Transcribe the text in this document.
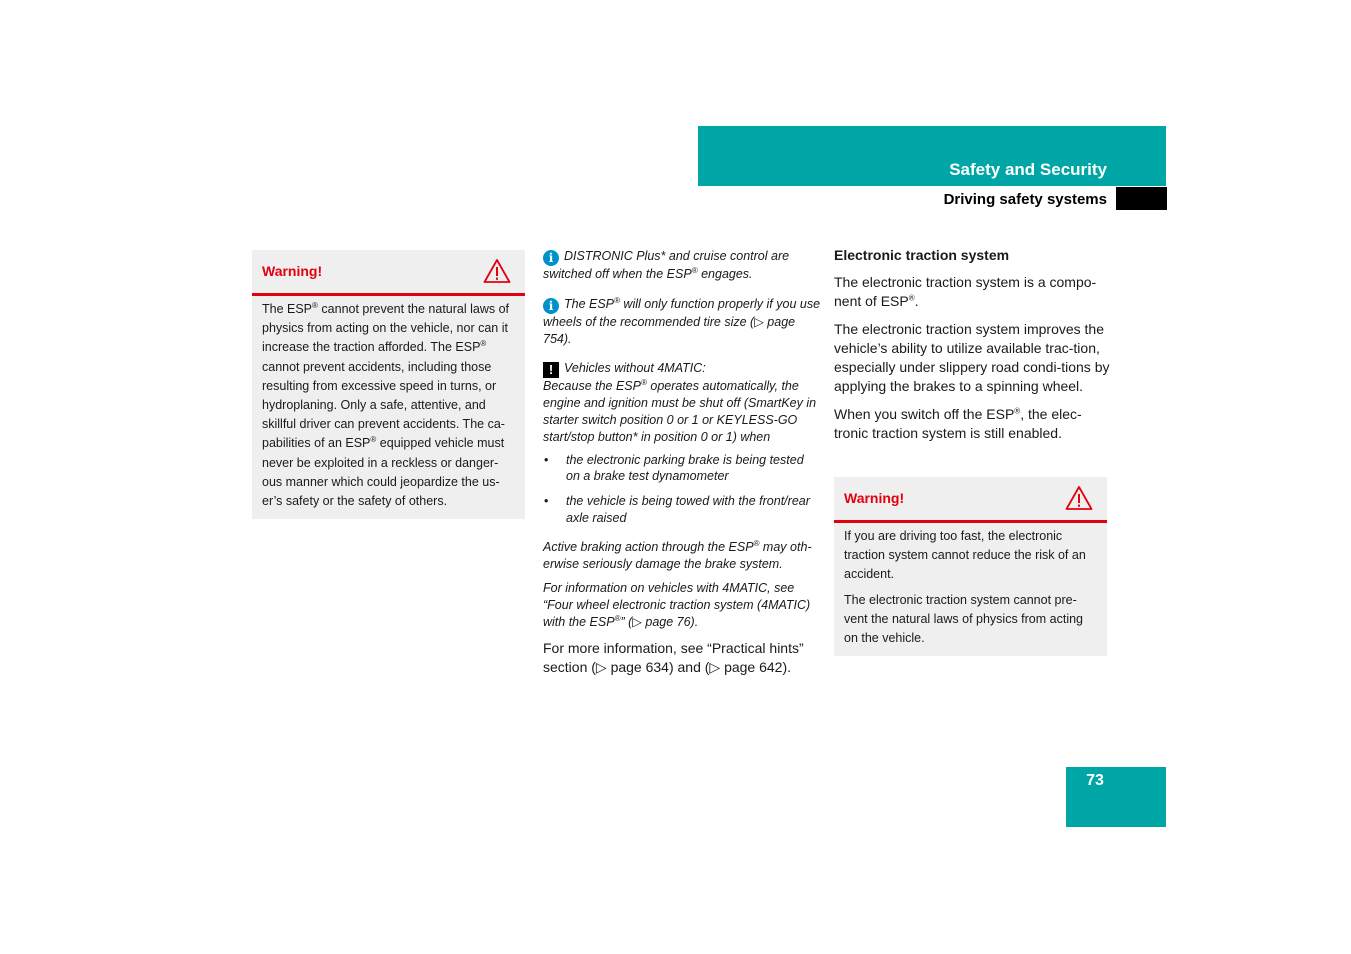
Safety and Security
Driving safety systems
Warning!

The ESP® cannot prevent the natural laws of physics from acting on the vehicle, nor can it increase the traction afforded. The ESP® cannot prevent accidents, including those resulting from excessive speed in turns, or hydroplaning. Only a safe, attentive, and skillful driver can prevent accidents. The ca-pabilities of an ESP® equipped vehicle must never be exploited in a reckless or danger-ous manner which could jeopardize the us-er’s safety or the safety of others.

i DISTRONIC Plus* and cruise control are switched off when the ESP® engages.

i The ESP® will only function properly if you use wheels of the recommended tire size (▷ page 754).

! Vehicles without 4MATIC:
Because the ESP® operates automatically, the engine and ignition must be shut off (SmartKey in starter switch position 0 or 1 or KEYLESS-GO start/stop button* in position 0 or 1) when

• the electronic parking brake is being tested on a brake test dynamometer
• the vehicle is being towed with the front/rear axle raised

Active braking action through the ESP® may oth-erwise seriously damage the brake system.

For information on vehicles with 4MATIC, see “Four wheel electronic traction system (4MATIC) with the ESP®” (▷ page 76).

For more information, see “Practical hints” section (▷ page 634) and (▷ page 642).

Electronic traction system

The electronic traction system is a compo-nent of ESP®.

The electronic traction system improves the vehicle’s ability to utilize available trac-tion, especially under slippery road condi-tions by applying the brakes to a spinning wheel.

When you switch off the ESP®, the elec-tronic traction system is still enabled.

Warning!

If you are driving too fast, the electronic traction system cannot reduce the risk of an accident.

The electronic traction system cannot pre-vent the natural laws of physics from acting on the vehicle.

73
